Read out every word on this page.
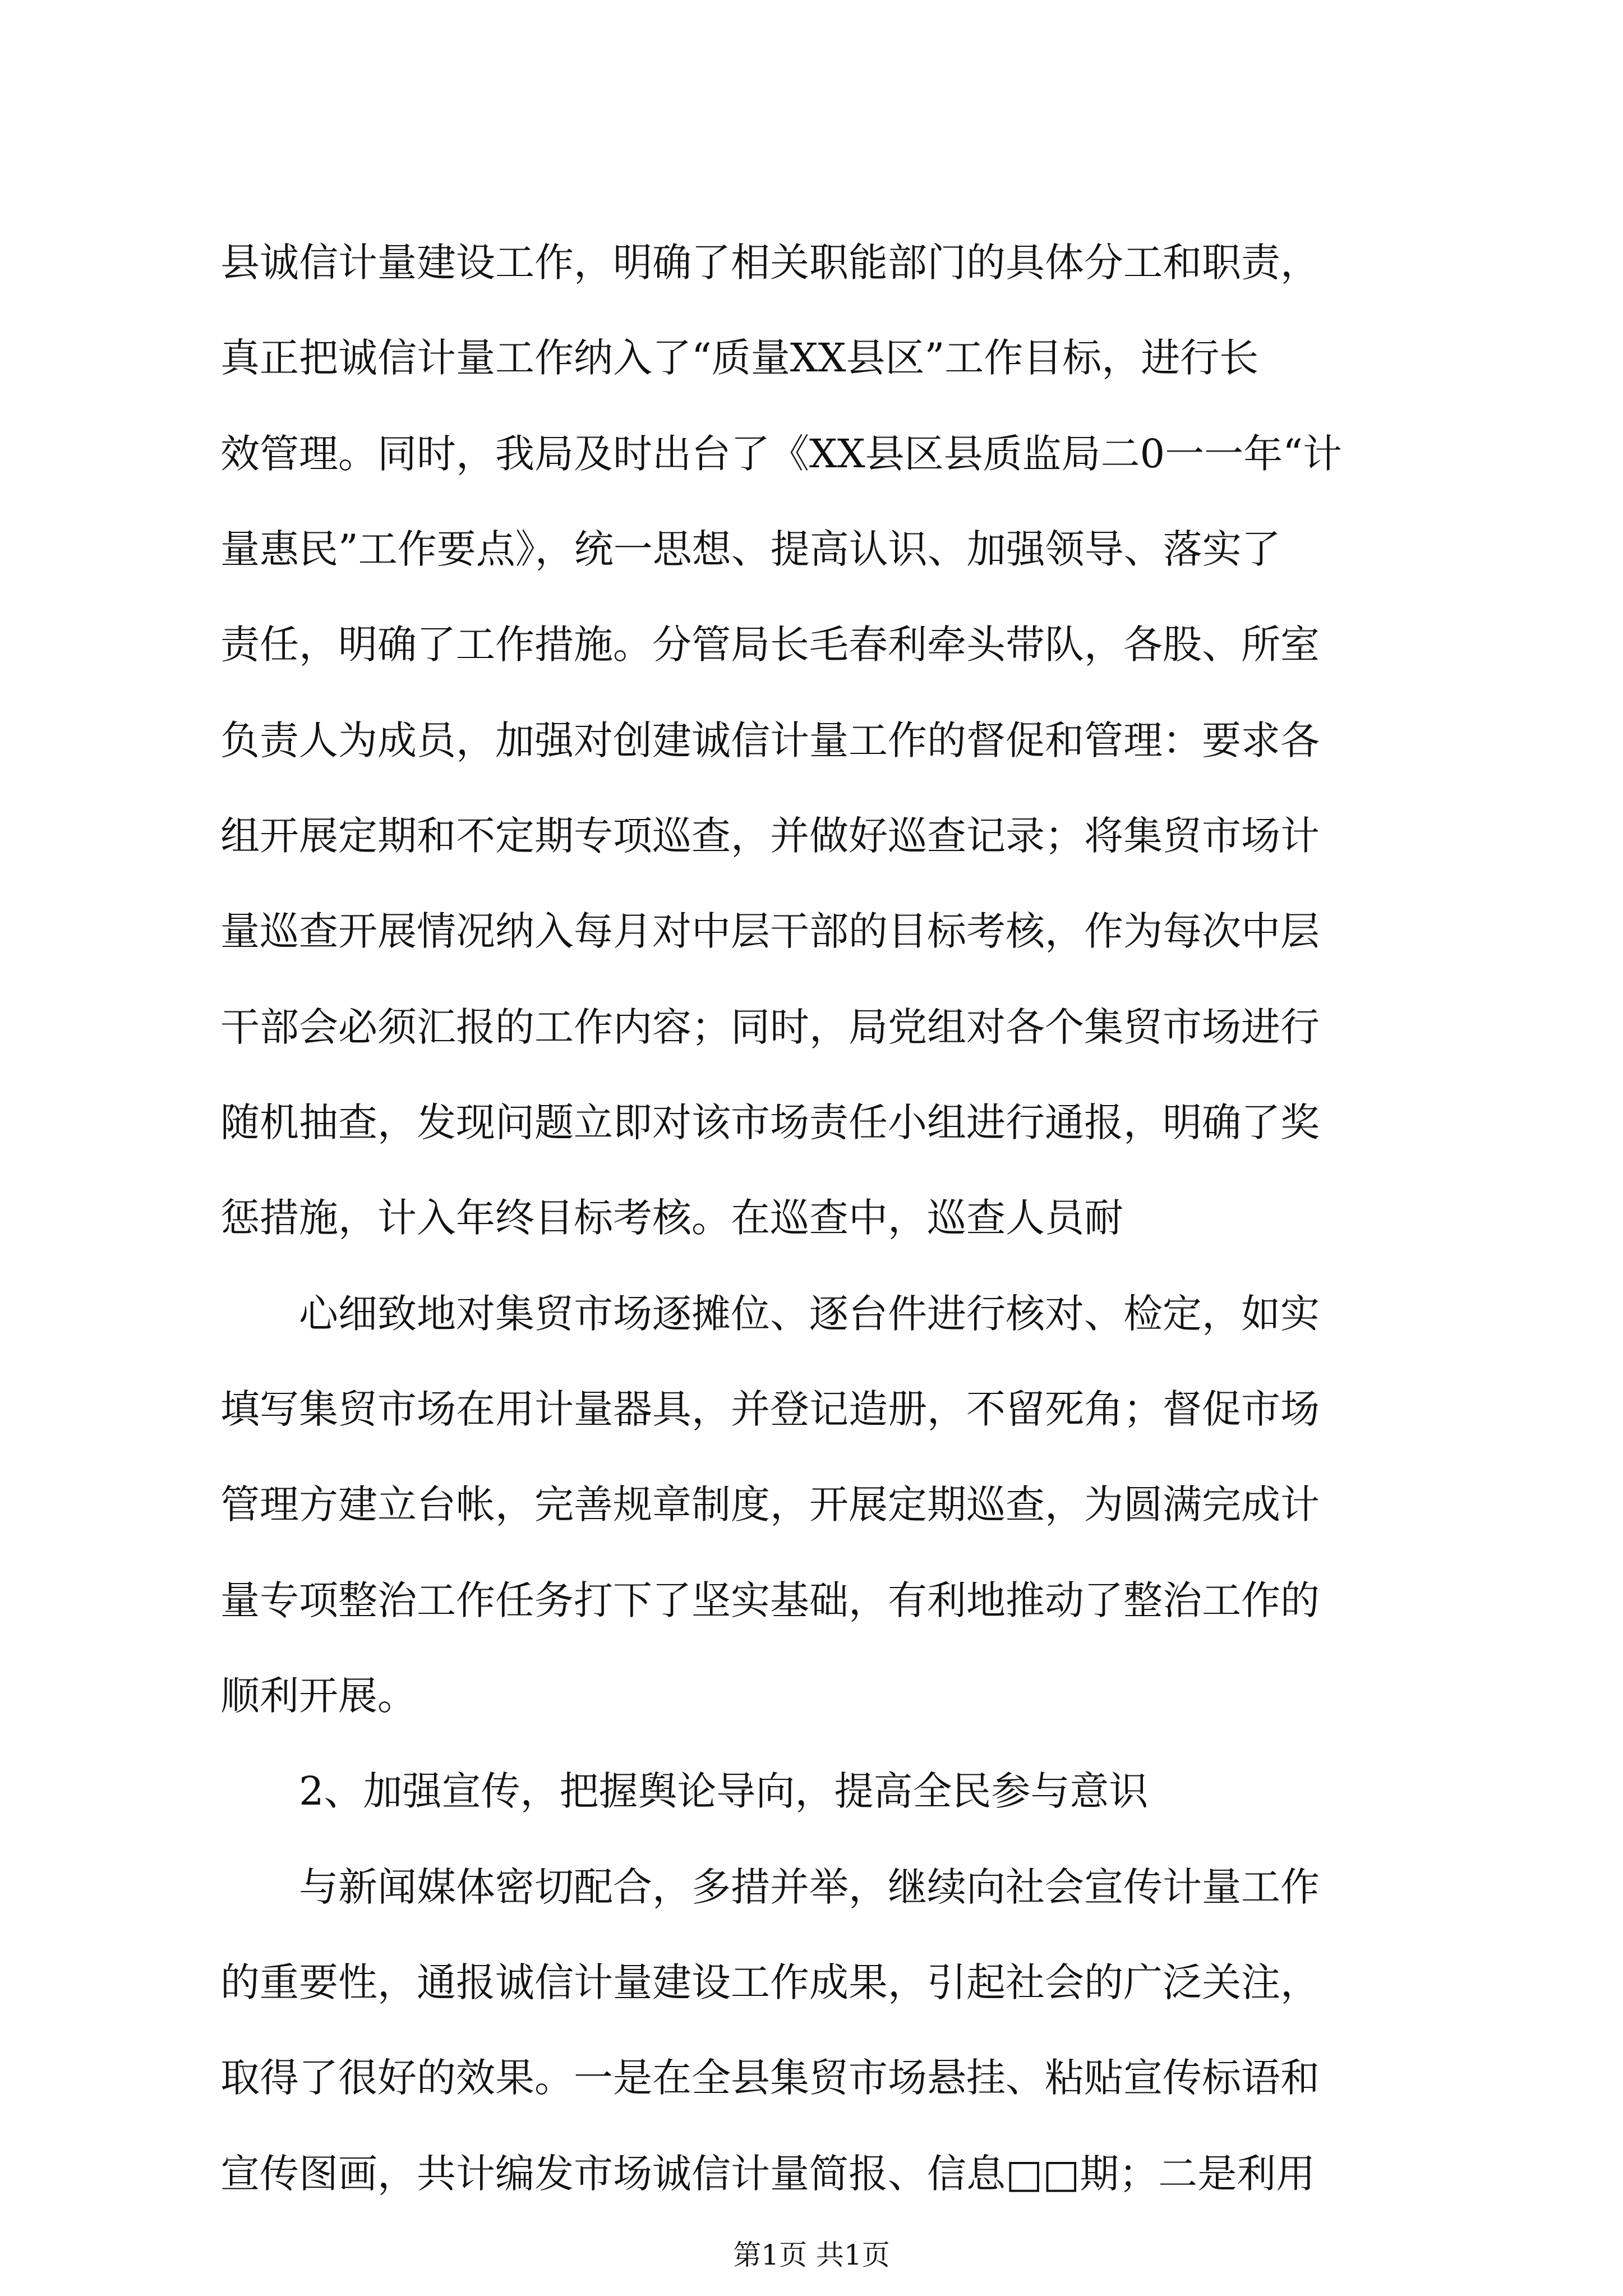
县诚信计量建设工作，明确了相关职能部门的具体分工和职责，
真正把诚信计量工作纳入了“质量XX县区”工作目标，进行长
效管理。同时，我局及时出台了《XX县区县质监局二0一一年“计
量惠民”工作要点》，统一思想、提高认识、加强领导、落实了
责任，明确了工作措施。分管局长毛春利牵头带队，各股、所室
负责人为成员，加强对创建诚信计量工作的督促和管理：要求各
组开展定期和不定期专项巡查，并做好巡查记录；将集贸市场计
量巡查开展情况纳入每月对中层干部的目标考核，作为每次中层
干部会必须汇报的工作内容；同时，局党组对各个集贸市场进行
随机抽查，发现问题立即对该市场责任小组进行通报，明确了奖
惩措施，计入年终目标考核。在巡查中，巡查人员耐
心细致地对集贸市场逐摊位、逐台件进行核对、检定，如实
填写集贸市场在用计量器具，并登记造册，不留死角；督促市场
管理方建立台帐，完善规章制度，开展定期巡查，为圆满完成计
量专项整治工作任务打下了坚实基础，有利地推动了整治工作的
顺利开展。
2、加强宣传，把握舆论导向，提高全民参与意识
与新闻媒体密切配合，多措并举，继续向社会宣传计量工作
的重要性，通报诚信计量建设工作成果，引起社会的广泛关注，
取得了很好的效果。一是在全县集贸市场悬挂、粘贴宣传标语和
宣传图画，共计编发市场诚信计量简报、信息□□期；二是利用
第1页 共1页
